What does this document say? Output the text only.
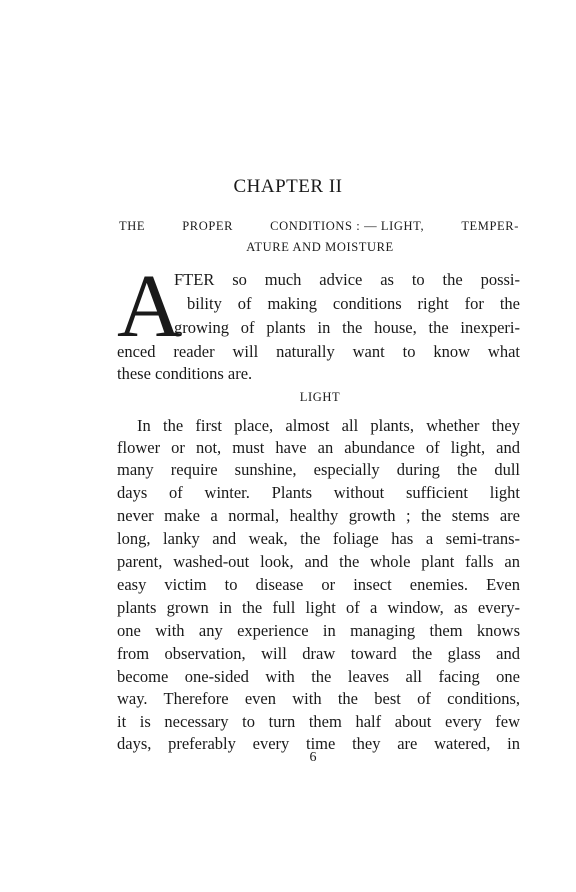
CHAPTER II
THE	PROPER	CONDITIONS : — LIGHT,	TEMPER-
ATURE AND MOISTURE
A
FTER so much advice as to the possi-
bility of making conditions right for the
growing of plants in the house, the inexperi-
enced reader will naturally want to know what
these conditions are.
LIGHT
In the first place, almost all plants, whether they
flower or not, must have an abundance of light, and
many require sunshine, especially during the dull
days of winter. Plants without sufficient light
never make a normal, healthy growth ; the stems are
long, lanky and weak, the foliage has a semi-trans-
parent, washed-out look, and the whole plant falls an
easy victim to disease or insect enemies. Even
plants grown in the full light of a window, as every-
one with any experience in managing them knows
from observation, will draw toward the glass and
become one-sided with the leaves all facing one
way. Therefore even with the best of conditions,
it is necessary to turn them half about every few
days, preferably every time they are watered, in
6
